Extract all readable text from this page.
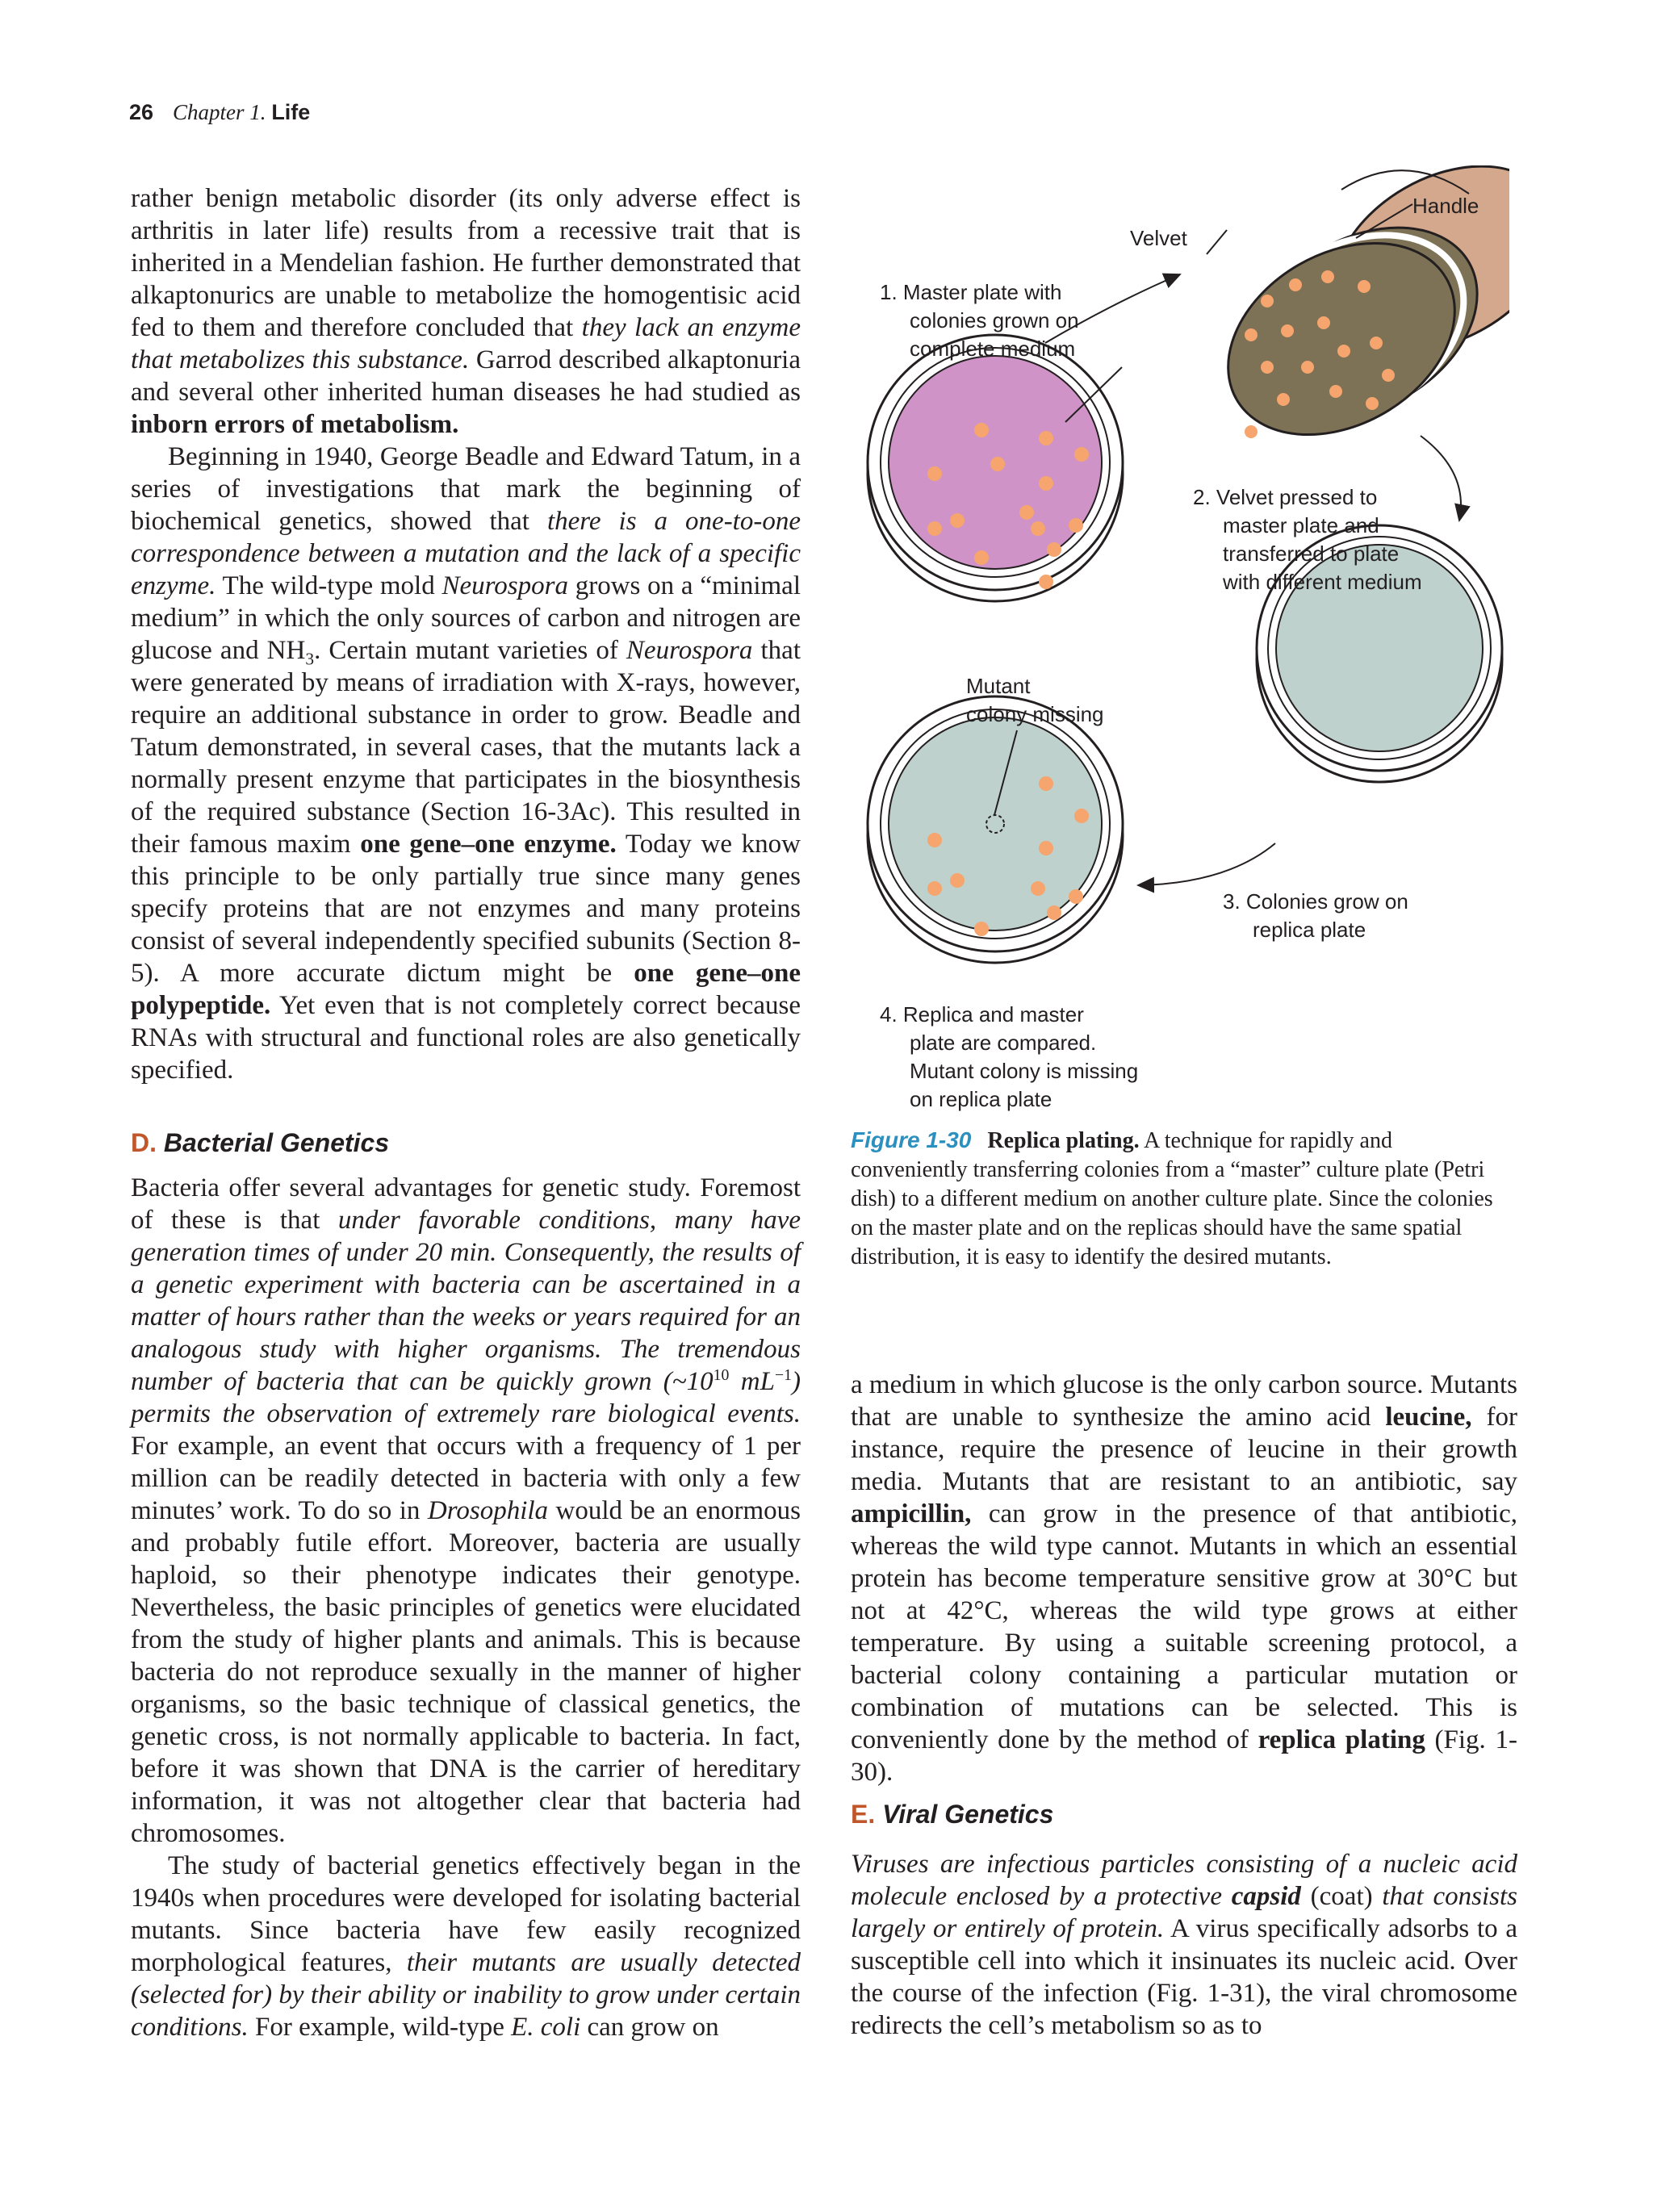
26 Chapter 1. Life

rather benign metabolic disorder (its only adverse effect is arthritis in later life) results from a recessive trait that is inherited in a Mendelian fashion. He further demonstrated that alkaptonurics are unable to metabolize the homogentisic acid fed to them and therefore concluded that they lack an enzyme that metabolizes this substance. Garrod described alkaptonuria and several other inherited human diseases he had studied as inborn errors of metabolism.

Beginning in 1940, George Beadle and Edward Tatum, in a series of investigations that mark the beginning of biochemical genetics, showed that there is a one-to-one correspondence between a mutation and the lack of a specific enzyme. The wild-type mold Neurospora grows on a “minimal medium” in which the only sources of carbon and nitrogen are glucose and $NH_3$. Certain mutant varieties of Neurospora that were generated by means of irradiation with X-rays, however, require an additional substance in order to grow. Beadle and Tatum demonstrated, in several cases, that the mutants lack a normally present enzyme that participates in the biosynthesis of the required substance (Section 16-3Ac). This resulted in their famous maxim one gene–one enzyme. Today we know this principle to be only partially true since many genes specify proteins that are not enzymes and many proteins consist of several independently specified subunits (Section 8-5). A more accurate dictum might be one gene–one polypeptide. Yet even that is not completely correct because RNAs with structural and functional roles are also genetically specified.

D. Bacterial Genetics

Bacteria offer several advantages for genetic study. Foremost of these is that under favorable conditions, many have generation times of under 20 min. Consequently, the results of a genetic experiment with bacteria can be ascertained in a matter of hours rather than the weeks or years required for an analogous study with higher organisms. The tremendous number of bacteria that can be quickly grown ($\sim 10^{10}$ $mL^{-1}$) permits the observation of extremely rare biological events. For example, an event that occurs with a frequency of 1 per million can be readily detected in bacteria with only a few minutes’ work. To do so in Drosophila would be an enormous and probably futile effort. Moreover, bacteria are usually haploid, so their phenotype indicates their genotype. Nevertheless, the basic principles of genetics were elucidated from the study of higher plants and animals. This is because bacteria do not reproduce sexually in the manner of higher organisms, so the basic technique of classical genetics, the genetic cross, is not normally applicable to bacteria. In fact, before it was shown that DNA is the carrier of hereditary information, it was not altogether clear that bacteria had chromosomes.

The study of bacterial genetics effectively began in the 1940s when procedures were developed for isolating bacterial mutants. Since bacteria have few easily recognized morphological features, their mutants are usually detected (selected for) by their ability or inability to grow under certain conditions. For example, wild-type E. coli can grow on

Handle
Velvet
1. Master plate with
colonies grown on
complete medium
2. Velvet pressed to
master plate and
transferred to plate
with different medium
Mutant
colony missing
3. Colonies grow on
replica plate
4. Replica and master
plate are compared.
Mutant colony is missing
on replica plate
Figure 1-30 Replica plating. A technique for rapidly and conveniently transferring colonies from a “master” culture plate (Petri dish) to a different medium on another culture plate. Since the colonies on the master plate and on the replicas should have the same spatial distribution, it is easy to identify the desired mutants.

a medium in which glucose is the only carbon source. Mutants that are unable to synthesize the amino acid leucine, for instance, require the presence of leucine in their growth media. Mutants that are resistant to an antibiotic, say ampicillin, can grow in the presence of that antibiotic, whereas the wild type cannot. Mutants in which an essential protein has become temperature sensitive grow at 30°C but not at 42°C, whereas the wild type grows at either temperature. By using a suitable screening protocol, a bacterial colony containing a particular mutation or combination of mutations can be selected. This is conveniently done by the method of replica plating (Fig. 1-30).

E. Viral Genetics

Viruses are infectious particles consisting of a nucleic acid molecule enclosed by a protective capsid (coat) that consists largely or entirely of protein. A virus specifically adsorbs to a susceptible cell into which it insinuates its nucleic acid. Over the course of the infection (Fig. 1-31), the viral chromosome redirects the cell’s metabolism so as to
